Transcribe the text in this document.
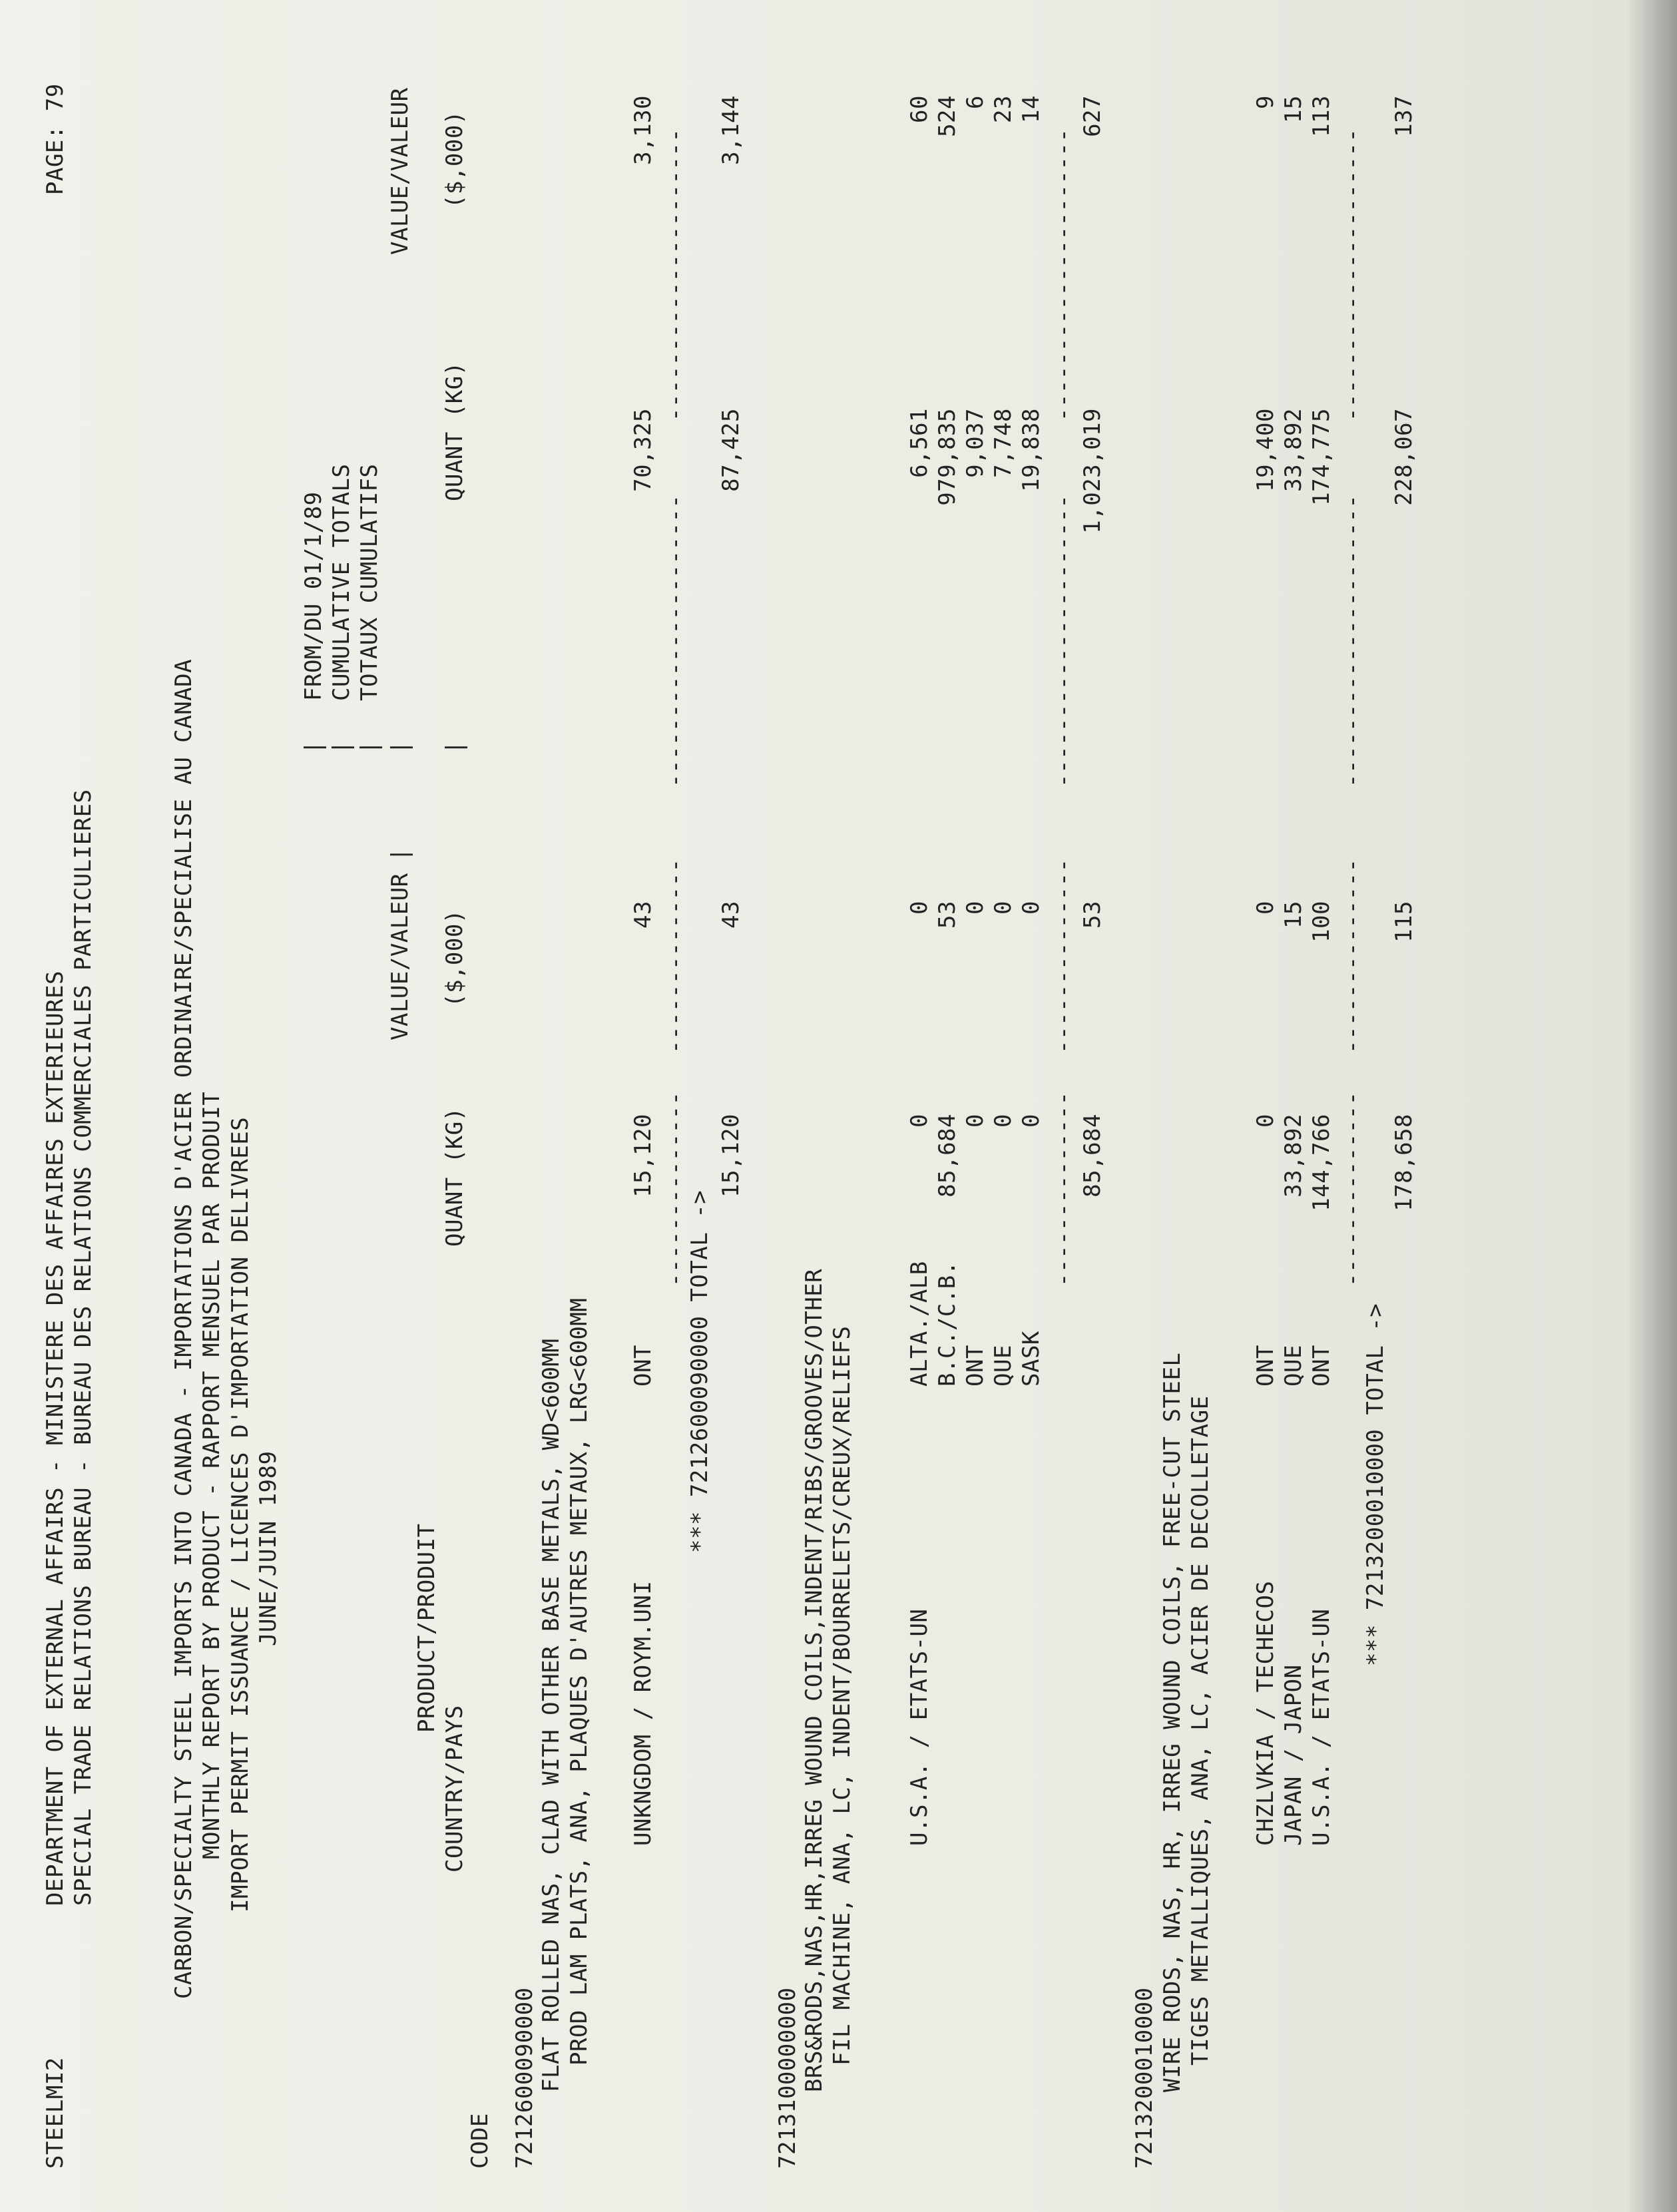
STEELMI2
DEPARTMENT OF EXTERNAL AFFAIRS - MINISTERE DES AFFAIRES EXTERIEURES SPECIAL TRADE RELATIONS BUREAU - BUREAU DES RELATIONS COMMERCIALES PARTICULIERES
PAGE: 79
CARBON/SPECIALTY STEEL IMPORTS INTO CANADA - IMPORTATIONS D'ACIER ORDINAIRE/SPECIALISE AU CANADA MONTHLY REPORT BY PRODUCT - RAPPORT MENSUEL PAR PRODUIT IMPORT PERMIT ISSUANCE / LICENCES D'IMPORTATION DELIVREES JUNE/JUIN 1989
| | |
FROM/DU 01/1/89 CUMULATIVE TOTALS TOTAUX CUMULATIFS
VALUE/VALEUR
|
|
VALUE/VALEUR
PRODUCT/PRODUIT
COUNTRY/PAYS
QUANT (KG)
($,000)
|
QUANT (KG)
($,000)
CODE 7212600090000 FLAT ROLLED NAS, CLAD WITH OTHER BASE METALS, WD<600MM PROD LAM PLATS, ANA, PLAQUES D'AUTRES METAUX, LRG<600MM UNKNGDOM / ROYM.UNI
ONT
15,120
43
70,325
3,130
--------------
--------------
---------------------
---------------------
*** 7212600090000 TOTAL ->
15,120
43
87,425
3,144
7213100000000 BRS&RODS,NAS,HR,IRREG WOUND COILS,INDENT/RIBS/GROOVES/OTHER FIL MACHINE, ANA, LC, INDENT/BOURRELETS/CREUX/RELIEFS U.S.A. / ETATS-UN
ALTA./ALB
0
0
6,561
60
B.C./C.B.
85,684
53
979,835
524
ONT
0
0
9,037
6
QUE
0
0
7,748
23
SASK
0
0
19,838
14
--------------
--------------
---------------------
---------------------
85,684
53
1,023,019
627
7213200010000 WIRE RODS, NAS, HR, IRREG WOUND COILS, FREE-CUT STEEL TIGES METALLIQUES, ANA, LC, ACIER DE DECOLLETAGE CHZLVKIA / TECHECOS
ONT
0
0
19,400
9
JAPAN / JAPON
QUE
33,892
15
33,892
15
U.S.A. / ETATS-UN
ONT
144,766
100
174,775
113
--------------
--------------
---------------------
---------------------
*** 7213200010000 TOTAL ->
178,658
115
228,067
137
